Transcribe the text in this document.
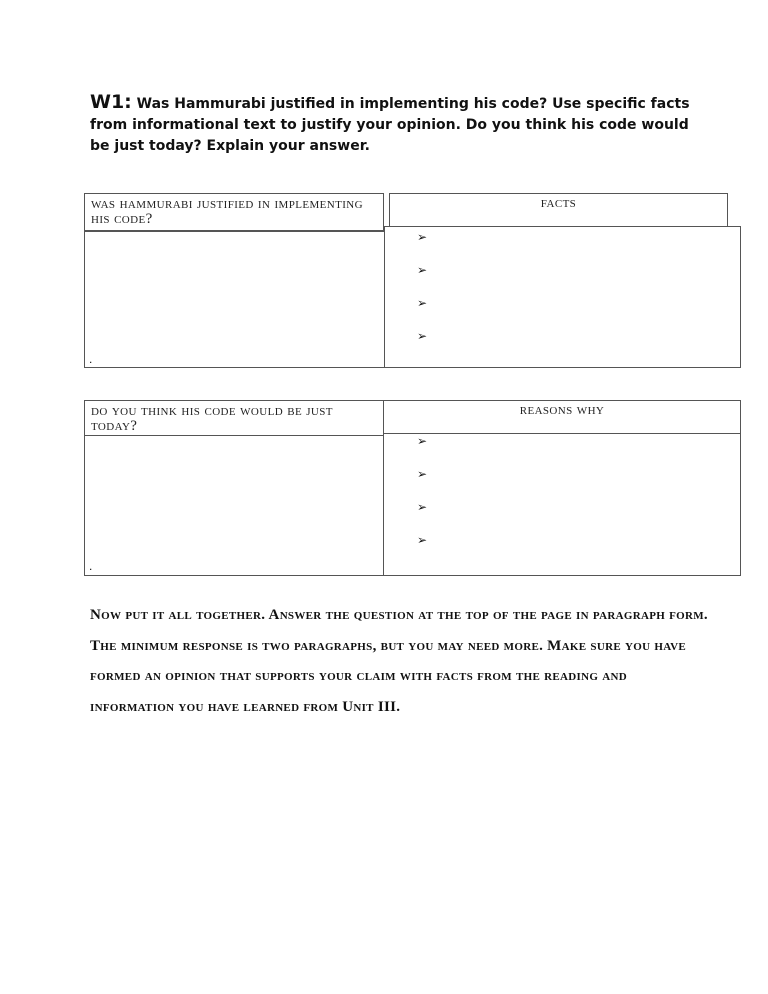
W1: Was Hammurabi justified in implementing his code? Use specific facts from informational text to justify your opinion. Do you think his code would be just today? Explain your answer.
was hammurabi justified in implementing his code?
facts
➢
➢
➢
➢
.
do you think his code would be just today?
reasons why
➢
➢
➢
➢
.

Now put it all together. Answer the question at the top of the page in paragraph form. The minimum response is two paragraphs, but you may need more. Make sure you have formed an opinion that supports your claim with facts from the reading and information you have learned from Unit III.
